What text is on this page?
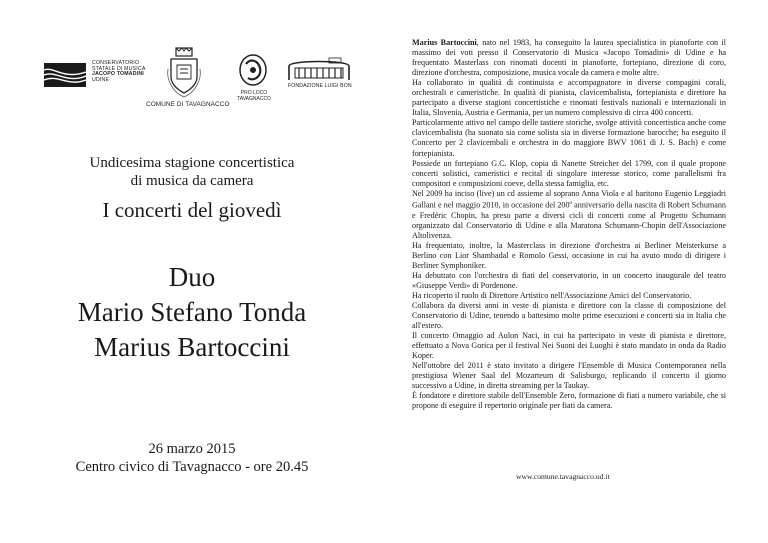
CONSERVATORIO
STATALE DI MUSICA
JACOPO TOMADINI
UDINE
COMUNE DI TAVAGNACCO
PRO LOCO
TAVAGNACCO
FONDAZIONE LUIGI BON
Undicesima stagione concertistica
di musica da camera
I concerti del giovedì
Duo
Mario Stefano Tonda
Marius Bartoccini
26 marzo 2015
Centro civico di Tavagnacco - ore 20.45

Marius Bartoccini, nato nel 1983, ha conseguito la laurea specialistica in pianoforte con il massimo dei voti presso il Conservatorio di Musica «Jacopo Tomadini» di Udine e ha frequentato Masterlass con rinomati docenti in pianoforte, fortepiano, direzione di coro, direzione d'orchestra, composizione, musica vocale da camera e molte altre.

Ha collaborato in qualità di continuista e accompagnatore in diverse compagini corali, orchestrali e cameristiche. In qualità di pianista, clavicembalista, fortepianista e direttore ha partecipato a diverse stagioni concertistiche e rinomati festivals nazionali e internazionali in Italia, Slovenia, Austria e Germania, per un numero complessivo di circa 400 concerti.

Particolarmente attivo nel campo delle tastiere storiche, svolge attività concertistica anche come clavicembalista (ha suonato sia come solista sia in diverse formazione barocche; ha eseguito il Concerto per 2 clavicembali e orchestra in do maggiore BWV 1061 di J. S. Bach) e come fortepianista.

Possiede un fortepiano G.C. Klop, copia di Nanette Streicher del 1799, con il quale propone concerti solistici, cameristici e recital di singolare interesse storico, come parallelismi fra compositori e composizioni coeve, della stessa famiglia, etc.

Nel 2009 ha inciso (live) un cd assieme al soprano Anna Viola e al baritono Eugenio Leggiadri Gallani e nel maggio 2010, in occasione del 200$^o$ anniversario della nascita di Robert Schumann e Fredéric Chopin, ha preso parte a diversi cicli di concerti come al Progetto Schumann organizzato dal Conservatorio di Udine e alla Maratona Schumann-Chopin dell'Associazione Altolivenza.

Ha frequentato, inoltre, la Masterclass in direzione d'orchestra ai Berliner Meisterkurse a Berlino con Lior Shambadal e Romolo Gessi, occasione in cui ha avuto modo di dirigere i Berliner Symphoniker.

Ha debuttato con l'orchestra di fiati del conservatorio, in un concerto inaugurale del teatro «Giuseppe Verdi» di Pordenone.

Ha ricoperto il ruolo di Direttore Artistico nell'Associazione Amici del Conservatorio.

Collabora da diversi anni in veste di pianista e direttore con la classe di composizione del Conservatorio di Udine, tenendo a battesimo molte prime esecuzioni e concerti sia in Italia che all'estero.

Il concerto Omaggio ad Aulon Naci, in cui ha partecipato in veste di pianista e direttore, effettuato a Nova Gorica per il festival Nei Suoni dei Luoghi è stato mandato in onda da Radio Koper.

Nell'ottobre del 2011 è stato invitato a dirigere l'Ensemble di Musica Contemporanea nella prestigiosa Wiener Saal del Mozarteum di Salisburgo, replicando il concerto il giorno successivo a Udine, in diretta streaming per la Taukay.

È fondatore e direttore stabile dell'Ensemble Zero, formazione di fiati a numero variabile, che si propone di eseguire il repertorio originale per fiati da camera.

www.comune.tavagnacco.ud.it
